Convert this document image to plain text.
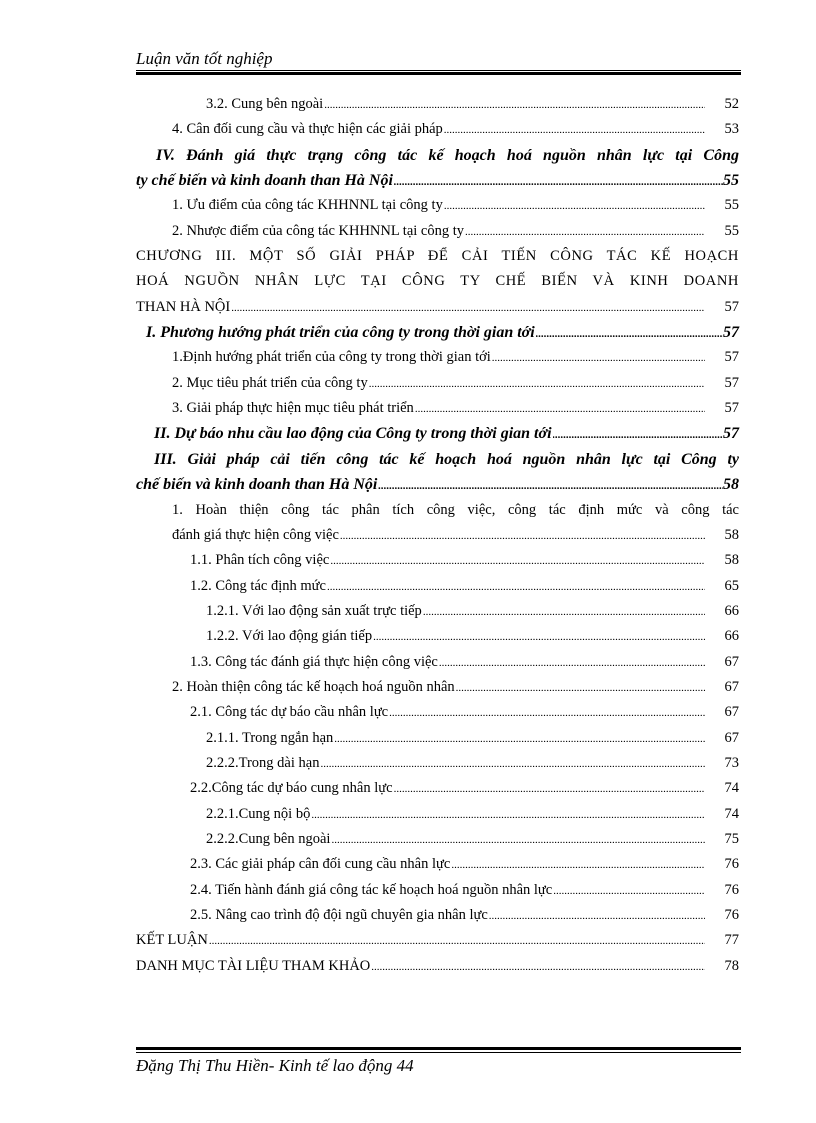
Luận văn tốt nghiệp
3.2. Cung bên ngoài .....	52
4. Cân đối cung cầu và thực hiện các giải pháp .....	53
IV. Đánh giá thực trạng công tác kế hoạch hoá nguồn nhân lực tại Công
ty chế biến và kinh doanh than Hà Nội .....	55
1. Ưu điểm của công tác KHHNNL tại công ty .....	55
2. Nhược điểm của công tác KHHNNL tại công ty .....	55
CHƯƠNG III. MỘT SỐ GIẢI PHÁP ĐỂ CẢI TIẾN CÔNG TÁC KẾ HOẠCH
HOÁ NGUỒN NHÂN LỰC TẠI CÔNG TY CHẾ BIẾN VÀ KINH DOANH
THAN HÀ NỘI .....	57
I. Phương hướng phát triển của công ty trong thời gian tới .....	57
1.Định hướng phát triển của công ty trong thời gian tới .....	57
2. Mục tiêu phát triển của công ty .....	57
3. Giải pháp thực hiện mục tiêu phát triển .....	57
II. Dự báo nhu cầu lao động của Công ty trong thời gian tới .....	57
III. Giải pháp cải tiến công tác kế hoạch hoá nguồn nhân lực tại Công ty
chế biến và kinh doanh than Hà Nội .....	58
1. Hoàn thiện công tác phân tích công việc, công tác định mức và công tác
đánh giá thực hiện công việc .....	58
1.1. Phân tích công việc .....	58
1.2. Công tác định mức .....	65
1.2.1. Với lao động sản xuất trực tiếp .....	66
1.2.2. Với lao động gián tiếp .....	66
1.3. Công tác đánh giá thực hiện công việc .....	67
2. Hoàn thiện công tác kế hoạch hoá nguồn nhân .....	67
2.1. Công tác dự báo cầu nhân lực .....	67
2.1.1. Trong ngắn hạn .....	67
2.2.2.Trong dài hạn .....	73
2.2.Công tác dự báo cung nhân lực .....	74
2.2.1.Cung nội bộ .....	74
2.2.2.Cung bên ngoài .....	75
2.3. Các giải pháp cân đối cung cầu nhân lực .....	76
2.4. Tiến hành đánh giá công tác kế hoạch hoá nguồn nhân lực .....	76
2.5. Nâng cao trình độ đội ngũ chuyên gia nhân lực .....	76
KẾT LUẬN .....	77
DANH MỤC TÀI LIỆU THAM KHẢO .....	78
Đặng Thị Thu Hiền- Kinh tế lao động 44
